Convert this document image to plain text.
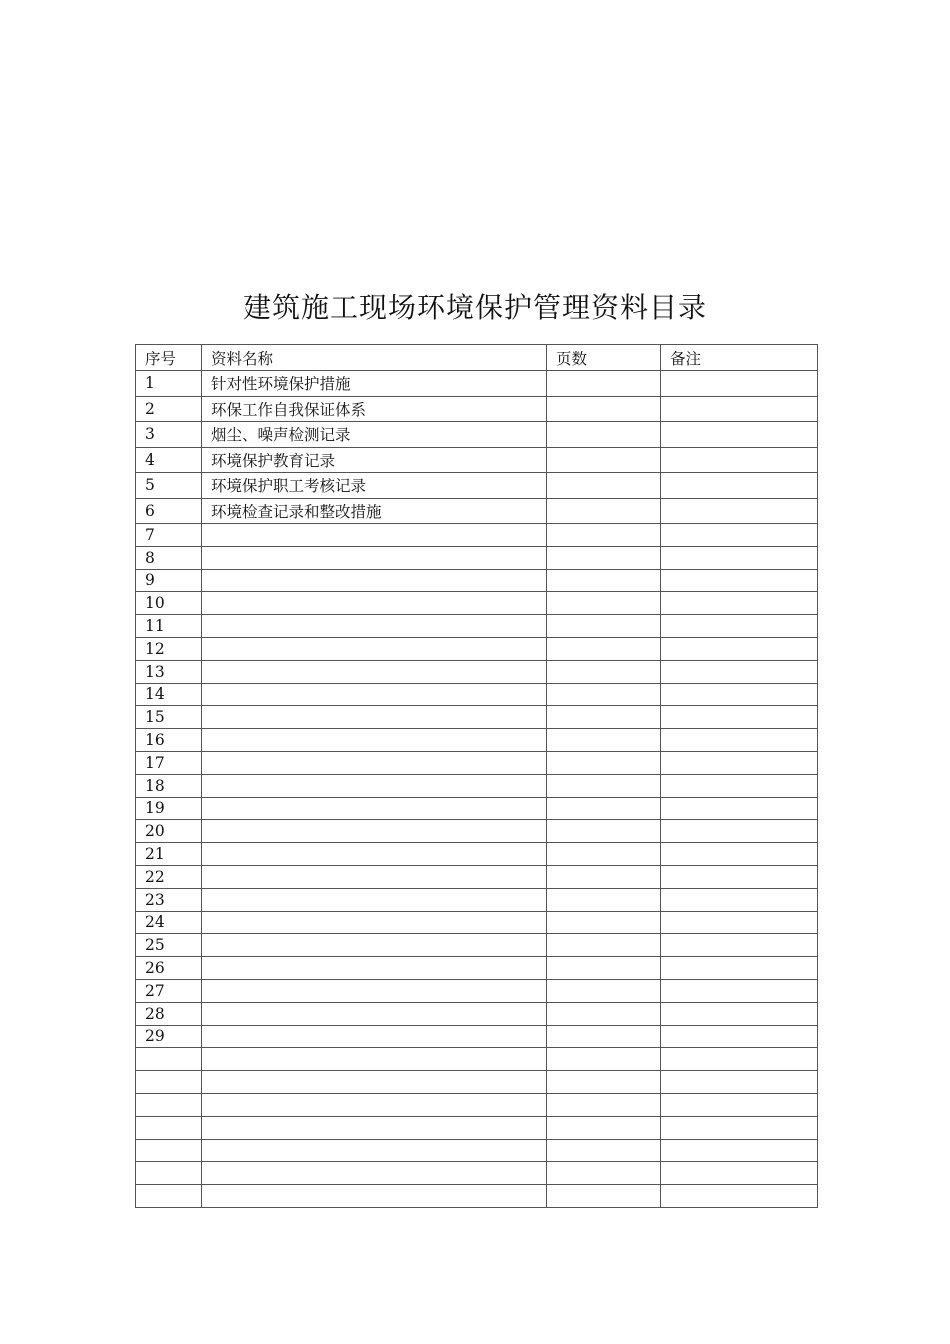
建筑施工现场环境保护管理资料目录
序号	资料名称	页数	备注
1	针对性环境保护措施		
2	环保工作自我保证体系		
3	烟尘、噪声检测记录		
4	环境保护教育记录		
5	环境保护职工考核记录		
6	环境检查记录和整改措施		
7			
8			
9			
10			
11			
12			
13			
14			
15			
16			
17			
18			
19			
20			
21			
22			
23			
24			
25			
26			
27			
28			
29			
